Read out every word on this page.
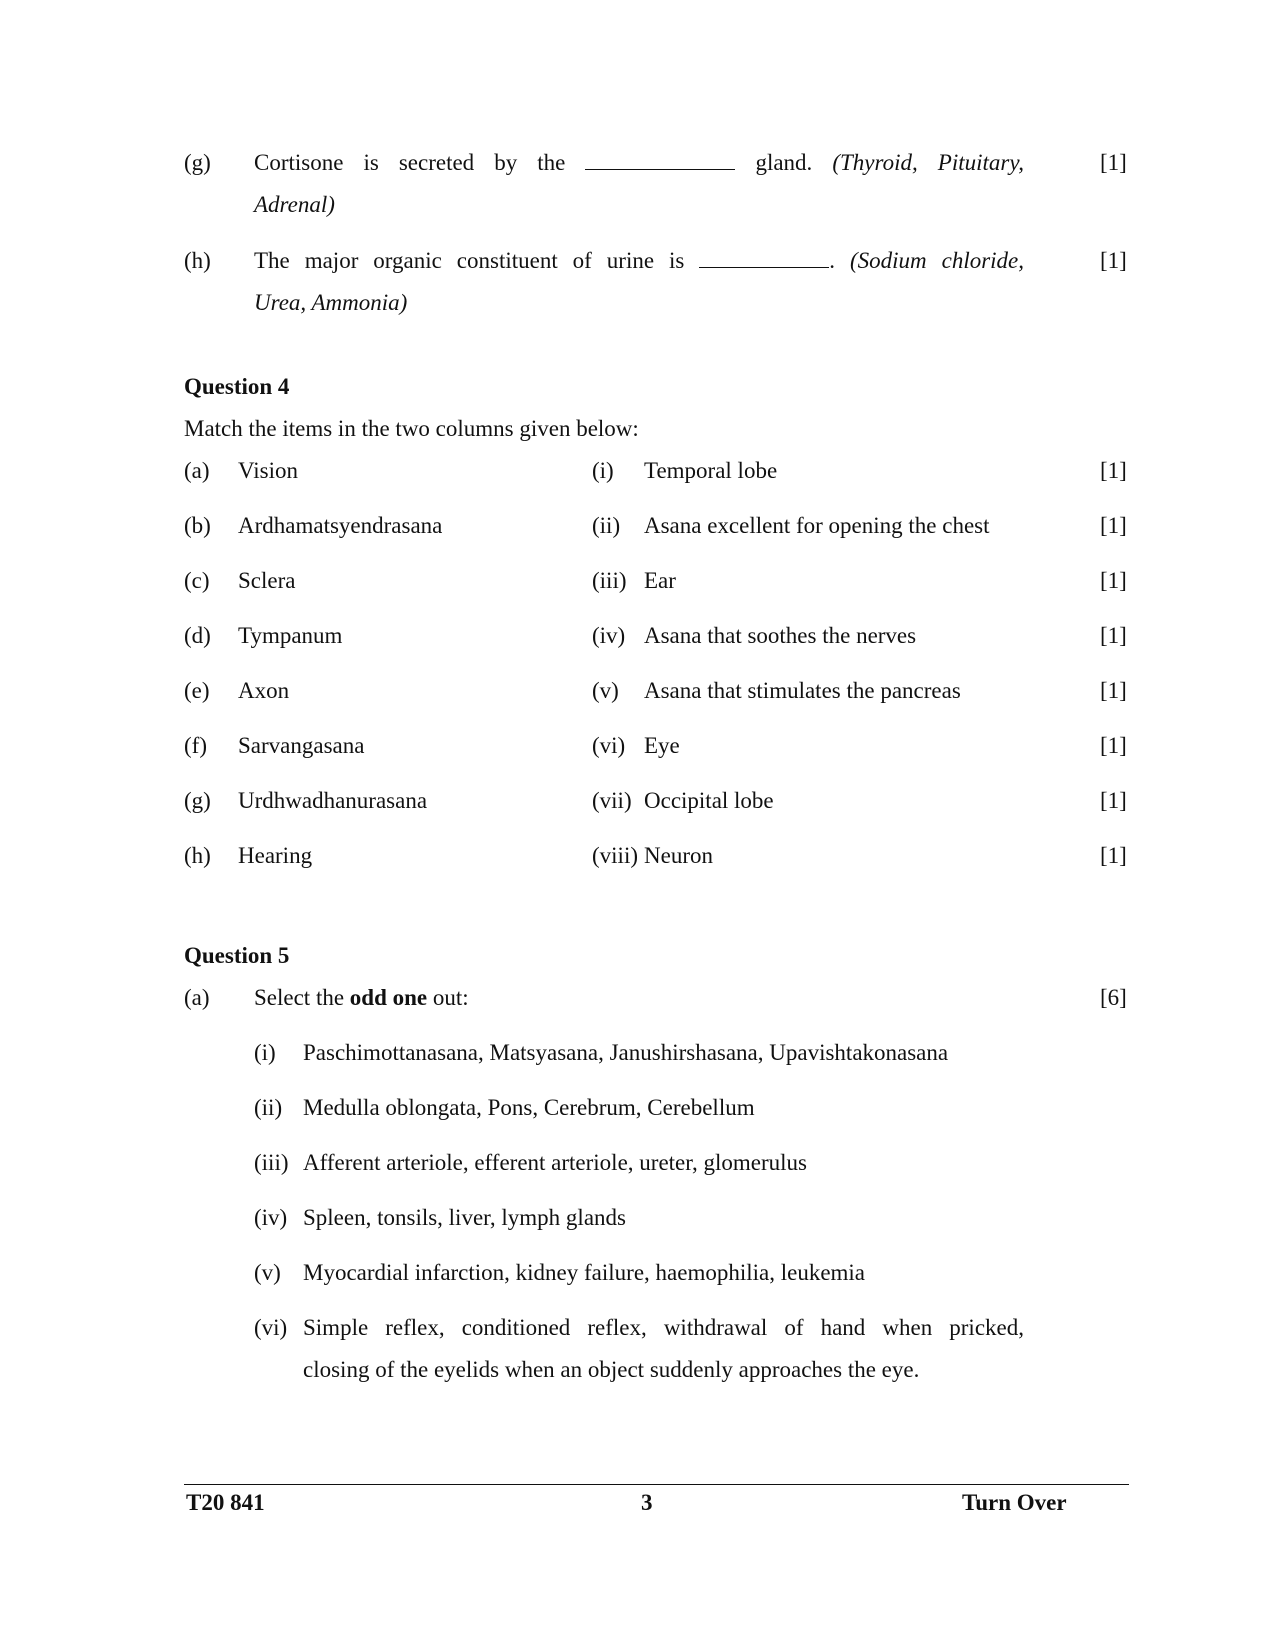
(g) Cortisone is secreted by the	gland. (Thyroid, Pituitary,
Adrenal)
[1]
(h) The major organic constituent of urine is	. (Sodium chloride,
Urea, Ammonia)
[1]
Question 4
Match the items in the two columns given below:
(a) Vision	(i) Temporal lobe	[1]
(b) Ardhamatsyendrasana	(ii) Asana excellent for opening the chest	[1]
(c) Sclera	(iii) Ear	[1]
(d) Tympanum	(iv) Asana that soothes the nerves	[1]
(e) Axon	(v) Asana that stimulates the pancreas	[1]
(f) Sarvangasana	(vi) Eye	[1]
(g) Urdhwadhanurasana	(vii) Occipital lobe	[1]
(h) Hearing	(viii) Neuron	[1]
Question 5
(a) Select the odd one out:	[6]
(i) Paschimottanasana, Matsyasana, Janushirshasana, Upavishtakonasana
(ii) Medulla oblongata, Pons, Cerebrum, Cerebellum
(iii) Afferent arteriole, efferent arteriole, ureter, glomerulus
(iv) Spleen, tonsils, liver, lymph glands
(v) Myocardial infarction, kidney failure, haemophilia, leukemia
(vi) Simple reflex, conditioned reflex, withdrawal of hand when pricked,
closing of the eyelids when an object suddenly approaches the eye.
T20 841	3	Turn Over
